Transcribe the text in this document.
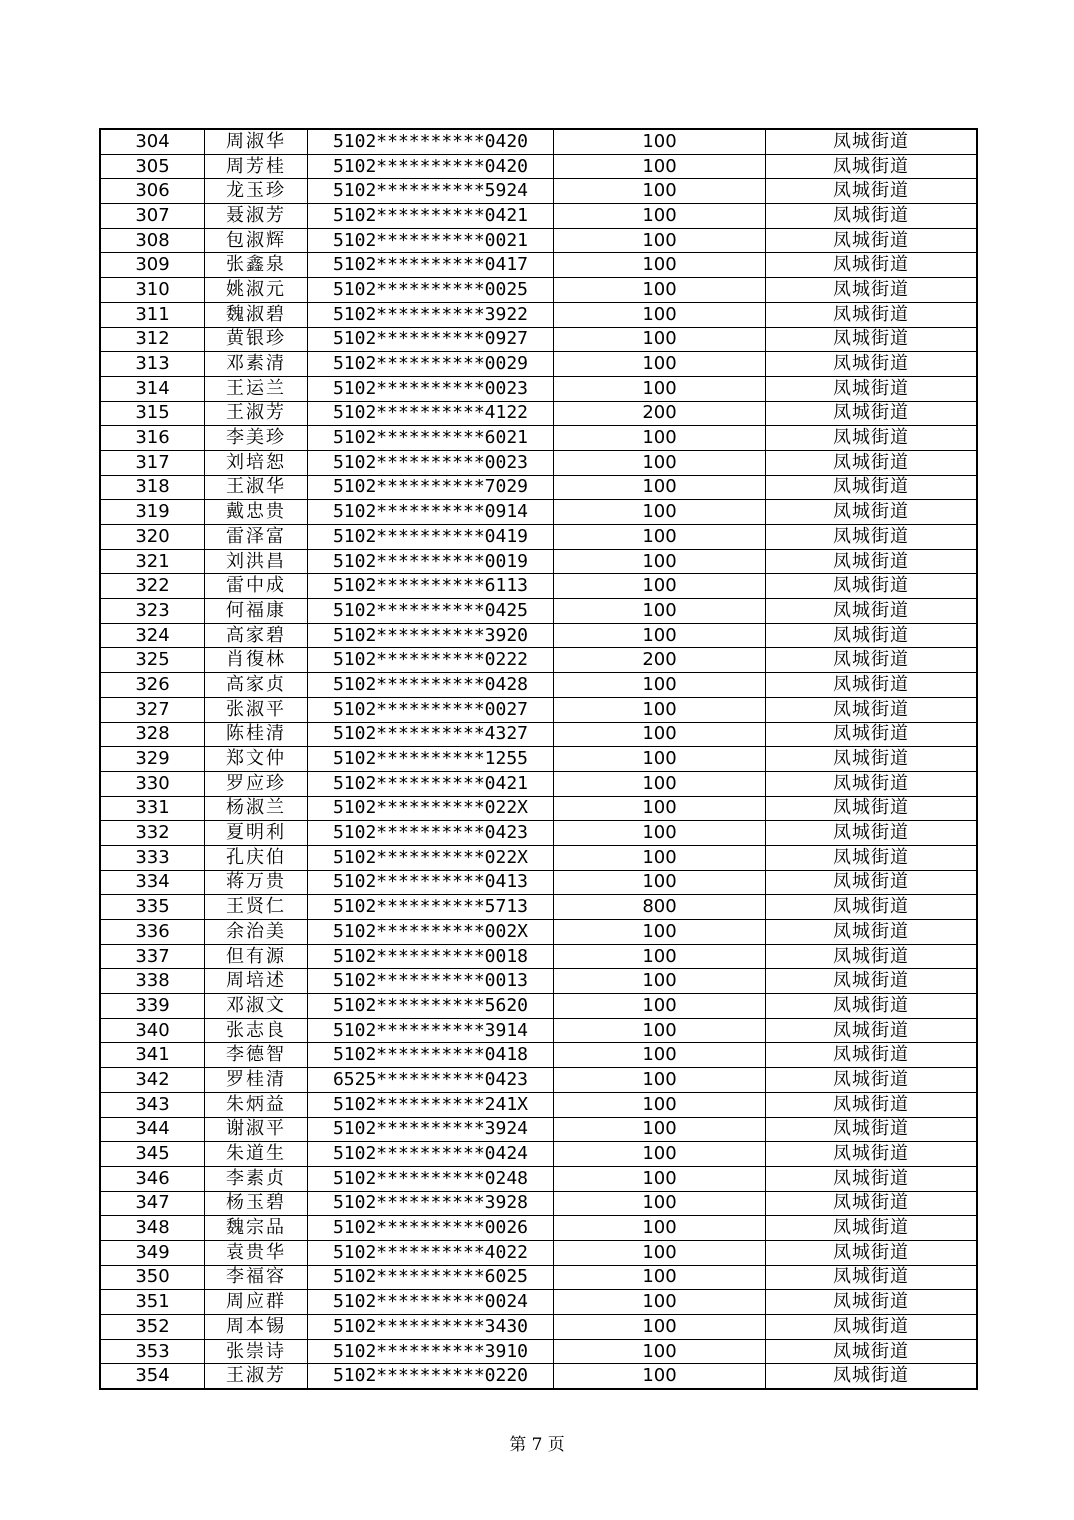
304	周淑华	5102**********0420	100	凤城街道
305	周芳桂	5102**********0420	100	凤城街道
306	龙玉珍	5102**********5924	100	凤城街道
307	聂淑芳	5102**********0421	100	凤城街道
308	包淑辉	5102**********0021	100	凤城街道
309	张鑫泉	5102**********0417	100	凤城街道
310	姚淑元	5102**********0025	100	凤城街道
311	魏淑碧	5102**********3922	100	凤城街道
312	黄银珍	5102**********0927	100	凤城街道
313	邓素清	5102**********0029	100	凤城街道
314	王运兰	5102**********0023	100	凤城街道
315	王淑芳	5102**********4122	200	凤城街道
316	李美珍	5102**********6021	100	凤城街道
317	刘培恕	5102**********0023	100	凤城街道
318	王淑华	5102**********7029	100	凤城街道
319	戴忠贵	5102**********0914	100	凤城街道
320	雷泽富	5102**********0419	100	凤城街道
321	刘洪昌	5102**********0019	100	凤城街道
322	雷中成	5102**********6113	100	凤城街道
323	何福康	5102**********0425	100	凤城街道
324	高家碧	5102**********3920	100	凤城街道
325	肖復林	5102**********0222	200	凤城街道
326	高家贞	5102**********0428	100	凤城街道
327	张淑平	5102**********0027	100	凤城街道
328	陈桂清	5102**********4327	100	凤城街道
329	郑文仲	5102**********1255	100	凤城街道
330	罗应珍	5102**********0421	100	凤城街道
331	杨淑兰	5102**********022X	100	凤城街道
332	夏明利	5102**********0423	100	凤城街道
333	孔庆伯	5102**********022X	100	凤城街道
334	蒋万贵	5102**********0413	100	凤城街道
335	王贤仁	5102**********5713	800	凤城街道
336	余治美	5102**********002X	100	凤城街道
337	但有源	5102**********0018	100	凤城街道
338	周培述	5102**********0013	100	凤城街道
339	邓淑文	5102**********5620	100	凤城街道
340	张志良	5102**********3914	100	凤城街道
341	李德智	5102**********0418	100	凤城街道
342	罗桂清	6525**********0423	100	凤城街道
343	朱炳益	5102**********241X	100	凤城街道
344	谢淑平	5102**********3924	100	凤城街道
345	朱道生	5102**********0424	100	凤城街道
346	李素贞	5102**********0248	100	凤城街道
347	杨玉碧	5102**********3928	100	凤城街道
348	魏宗品	5102**********0026	100	凤城街道
349	袁贵华	5102**********4022	100	凤城街道
350	李福容	5102**********6025	100	凤城街道
351	周应群	5102**********0024	100	凤城街道
352	周本锡	5102**********3430	100	凤城街道
353	张崇诗	5102**********3910	100	凤城街道
354	王淑芳	5102**********0220	100	凤城街道
第 7 页
